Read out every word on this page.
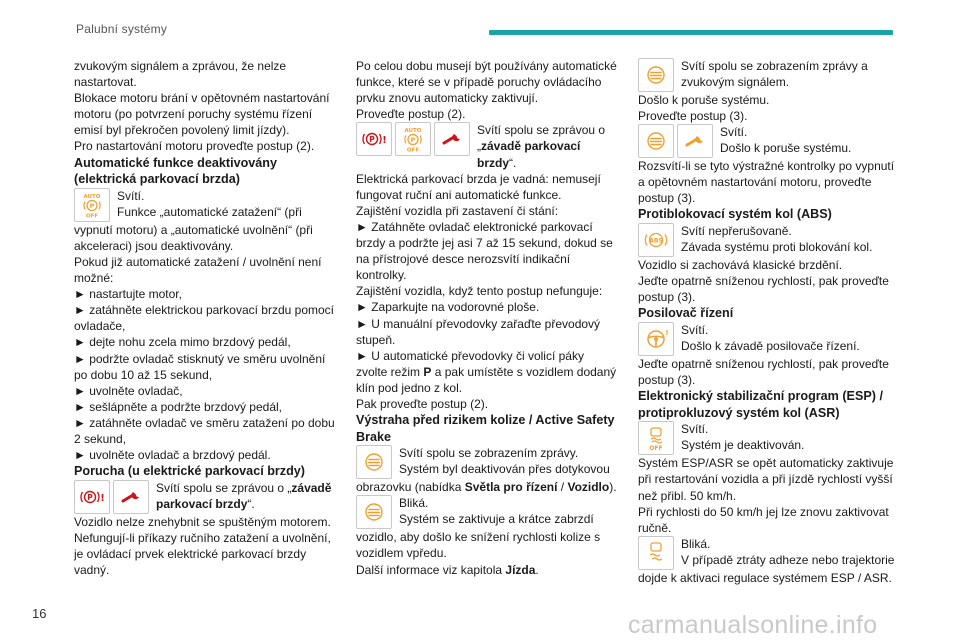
Palubní systémy

zvukovým signálem a zprávou, že nelze nastartovat.

Blokace motoru brání v opětovném nastartování motoru (po potvrzení poruchy systému řízení emisí byl překročen povolený limit jízdy).

Pro nastartování motoru proveďte postup (2).

Automatické funkce deaktivovány (elektrická parkovací brzda)

AUTO
P
OFF

Svítí.

Funkce „automatické zatažení“ (při

vypnutí motoru) a „automatické uvolnění“ (při akceleraci) jsou deaktivovány.

Pokud již automatické zatažení / uvolnění není možné:

► nastartujte motor,

► zatáhněte elektrickou parkovací brzdu pomocí ovladače,

► dejte nohu zcela mimo brzdový pedál,

► podržte ovladač stisknutý ve směru uvolnění po dobu 10 až 15 sekund,

► uvolněte ovladač,

► sešlápněte a podržte brzdový pedál,

► zatáhněte ovladač ve směru zatažení po dobu 2 sekund,

► uvolněte ovladač a brzdový pedál.

Porucha (u elektrické parkovací brzdy)

P !

Svítí spolu se zprávou o „závadě parkovací brzdy“.

Vozidlo nelze znehybnit se spuštěným motorem. Nefungují-li příkazy ručního zatažení a uvolnění, je ovládací prvek elektrické parkovací brzdy vadný.

Po celou dobu musejí být používány automatické funkce, které se v případě poruchy ovládacího prvku znovu automaticky zaktivují.

Proveďte postup (2).

P !
AUTO
P
OFF

Svítí spolu se zprávou o „závadě parkovací brzdy“.

Elektrická parkovací brzda je vadná: nemusejí fungovat ruční ani automatické funkce.

Zajištění vozidla při zastavení či stání:

► Zatáhněte ovladač elektronické parkovací brzdy a podržte jej asi 7 až 15 sekund, dokud se na přístrojové desce nerozsvítí indikační kontrolky.

Zajištění vozidla, když tento postup nefunguje:

► Zaparkujte na vodorovné ploše.

► U manuální převodovky zařaďte převodový stupeň.

► U automatické převodovky či volicí páky zvolte režim P a pak umístěte s vozidlem dodaný klín pod jedno z kol.

Pak proveďte postup (2).

Výstraha před rizikem kolize / Active Safety Brake

Svítí spolu se zobrazením zprávy. Systém byl deaktivován přes dotykovou

obrazovku (nabídka Světla pro řízení / Vozidlo).

Bliká.

Systém se zaktivuje a krátce zabrzdí

vozidlo, aby došlo ke snížení rychlosti kolize s vozidlem vpředu.

Další informace viz kapitola Jízda.

Svítí spolu se zobrazením zprávy a zvukovým signálem.

Došlo k poruše systému.

Proveďte postup (3).

Svítí.

Došlo k poruše systému.

Rozsvítí-li se tyto výstražné kontrolky po vypnutí a opětovném nastartování motoru, proveďte postup (3).

Protiblokovací systém kol (ABS)

ABS

Svítí nepřerušovaně.

Závada systému proti blokování kol.

Vozidlo si zachovává klasické brzdění.

Jeďte opatrně sníženou rychlostí, pak proveďte postup (3).

Posilovač řízení

! Svítí.

Došlo k závadě posilovače řízení.

Jeďte opatrně sníženou rychlostí, pak proveďte postup (3).

Elektronický stabilizační program (ESP) / protiprokluzový systém kol (ASR)

OFF

Svítí.

Systém je deaktivován.

Systém ESP/ASR se opět automaticky zaktivuje při restartování vozidla a při jízdě rychlostí vyšší než přibl. 50 km/h.

Při rychlosti do 50 km/h jej lze znovu zaktivovat ručně.

Bliká.

V případě ztráty adheze nebo trajektorie

dojde k aktivaci regulace systémem ESP / ASR.

16	carmanualsonline.info
